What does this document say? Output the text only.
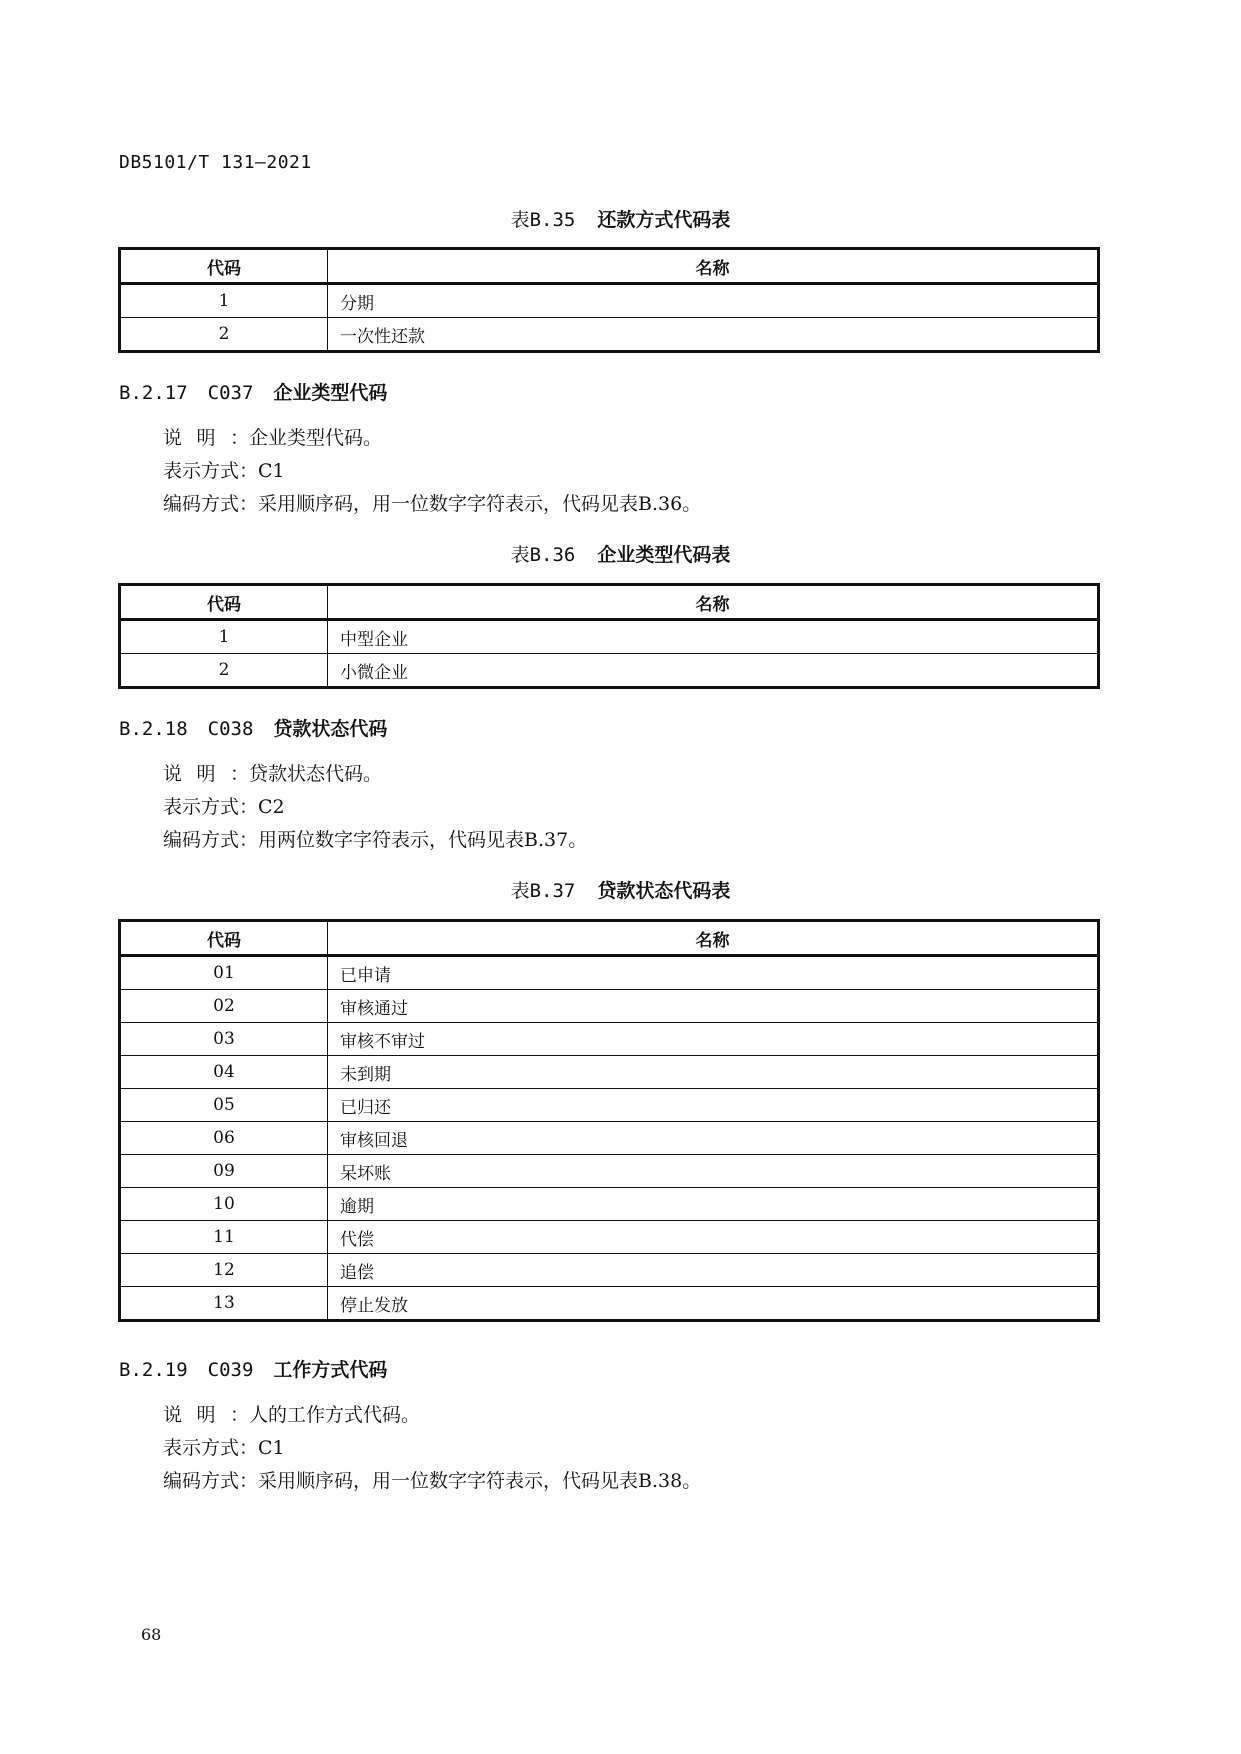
DB5101/T 131—2021
表B.35 还款方式代码表
代码	名称
1	分期
2	一次性还款
B.2.17 C037 企业类型代码
说明：企业类型代码。
表示方式：C1
编码方式：采用顺序码，用一位数字字符表示，代码见表B.36。
表B.36 企业类型代码表
代码	名称
1	中型企业
2	小微企业
B.2.18 C038 贷款状态代码
说明：贷款状态代码。
表示方式：C2
编码方式：用两位数字字符表示，代码见表B.37。
表B.37 贷款状态代码表
代码	名称
01	已申请
02	审核通过
03	审核不审过
04	未到期
05	已归还
06	审核回退
09	呆坏账
10	逾期
11	代偿
12	追偿
13	停止发放
B.2.19 C039 工作方式代码
说明：人的工作方式代码。
表示方式：C1
编码方式：采用顺序码，用一位数字字符表示，代码见表B.38。
68
